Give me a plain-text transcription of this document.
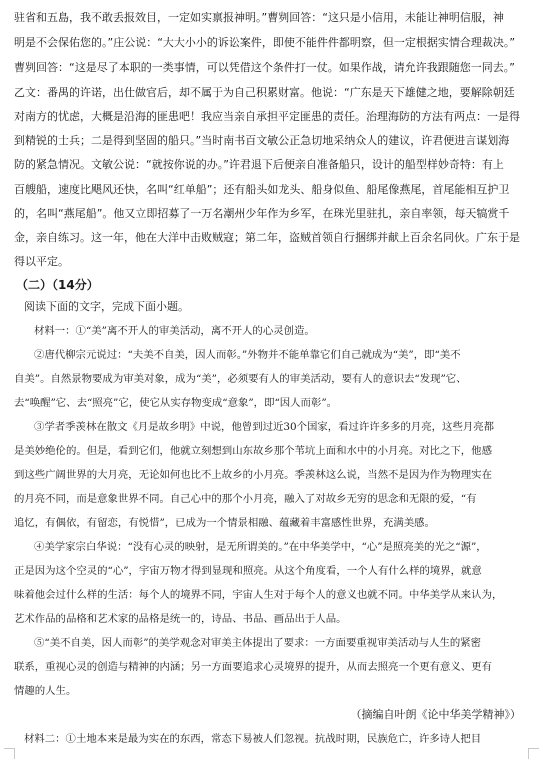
驻省和五島，我不敢丢报效目，一定如实禀报神明。”曹刿回答：“这只是小信用，未能让神明信服，神
明是不会保佑您的。”庄公说：“大大小小的诉讼案件，即使不能件件都明察，但一定根据实情合理裁决。”
曹刿回答：“这是尽了本职的一类事情，可以凭借这个条件打一仗。如果作战，请允许我跟随您一同去。”
乙文：番禺的许诺，出仕做官后，却不属于为自己积累财富。他说：“广东是天下雄健之地，要解除朝廷
对南方的忧虑，大概是沿海的匪患吧！我应当亲自承担平定匪患的责任。治理海防的方法有两点：一是得
到精锐的士兵；二是得到坚固的船只。”当时南书百文敏公正急切地采纳众人的建议，许君便进言谋划海
防的紧急情况。文敏公说：“就按你说的办。”许君退下后便亲自准备船只，设计的船型样妙奇特：有上
百艘船，速度比飓风还快，名叫“红单船”；还有船头如龙头、船身似鱼、船尾像燕尾，首尾能相互护卫
的，名叫“燕尾船”。他又立即招募了一万名潮州少年作为乡军，在珠光里驻扎，亲自率领，每天犒赏千
金，亲自练习。这一年，他在大洋中击败贼寇；第二年，盗贼首领自行捆绑并献上百余名同伙。广东于是
得以平定。
（二）（14分）
阅读下面的文字，完成下面小题。
材料一：①“美”离不开人的审美活动，离不开人的心灵创造。
②唐代柳宗元说过：“夫美不自美，因人而彰。”外物并不能单靠它们自己就成为“美”，即“美不
自美”。自然景物要成为审美对象，成为“美”，必须要有人的审美活动，要有人的意识去“发现”它、
去“唤醒”它、去“照亮”它，使它从实存物变成“意象”，即“因人而彰”。
③学者季羡林在散文《月是故乡明》中说，他曾到过近30个国家，看过许许多多的月亮，这些月亮都
是美妙绝伦的。但是，看到它们，他就立刻想到山东故乡那个苇坑上面和水中的小月亮。对比之下，他感
到这些广阔世界的大月亮，无论如何也比不上故乡的小月亮。季羡林这么说，当然不是因为作为物理实在
的月亮不同，而是意象世界不同。自己心中的那个小月亮，融入了对故乡无穷的思念和无限的爱，“有
追忆，有偶依，有留恋，有悦惜”，已成为一个情景相融、蕴藏着丰富感性世界，充满美感。
④美学家宗白华说：“没有心灵的映射，是无所谓美的。”在中华美学中，“心”是照亮美的光之“源”，
正是因为这个空灵的“心”，宇宙万物才得到显现和照亮。从这个角度看，一个人有什么样的境界，就意
味着他会过什么样的生活：每个人的境界不同，宇宙人生对于每个人的意义也就不同。中华美学从来认为，
艺术作品的品格和艺术家的品格是统一的，诗品、书品、画品出于人品。
⑤“美不自美，因人而彰”的美学观念对审美主体提出了要求：一方面要重视审美活动与人生的紧密
联系，重视心灵的创造与精神的内涵；另一方面要追求心灵境界的提升，从而去照亮一个更有意义、更有
情趣的人生。
（摘编自叶朗《论中华美学精神》）
材料二：①土地本来是最为实在的东西，常态下易被人们忽视。抗战时期，民族危亡，许多诗人把目
